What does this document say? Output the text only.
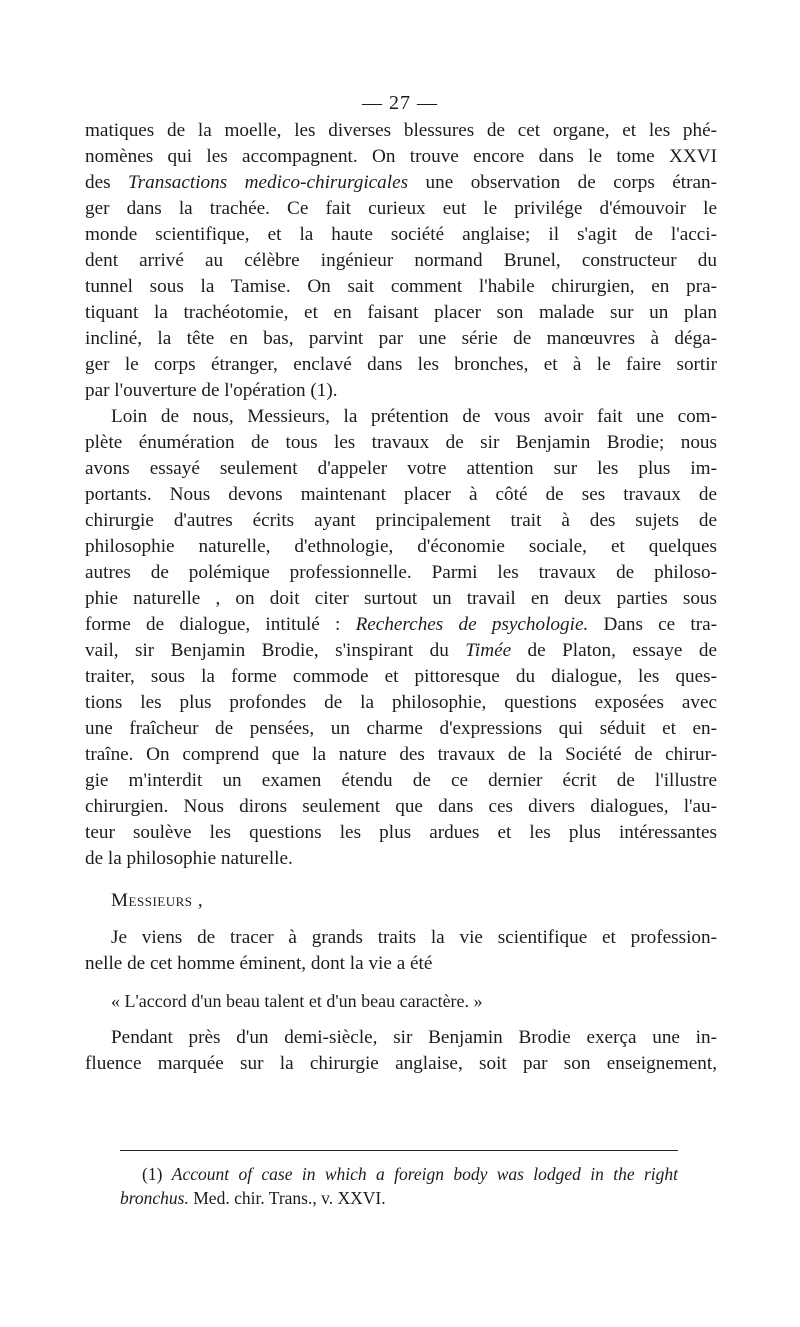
— 27 —
matiques de la moelle, les diverses blessures de cet organe, et les phé-
nomènes qui les accompagnent. On trouve encore dans le tome XXVI
des Transactions medico-chirurgicales une observation de corps étran-
ger dans la trachée. Ce fait curieux eut le privilége d'émouvoir le
monde scientifique, et la haute société anglaise; il s'agit de l'acci-
dent arrivé au célèbre ingénieur normand Brunel, constructeur du
tunnel sous la Tamise. On sait comment l'habile chirurgien, en pra-
tiquant la trachéotomie, et en faisant placer son malade sur un plan
incliné, la tête en bas, parvint par une série de manœuvres à déga-
ger le corps étranger, enclavé dans les bronches, et à le faire sortir
par l'ouverture de l'opération (1).
Loin de nous, Messieurs, la prétention de vous avoir fait une com-
plète énumération de tous les travaux de sir Benjamin Brodie; nous
avons essayé seulement d'appeler votre attention sur les plus im-
portants. Nous devons maintenant placer à côté de ses travaux de
chirurgie d'autres écrits ayant principalement trait à des sujets de
philosophie naturelle, d'ethnologie, d'économie sociale, et quelques
autres de polémique professionnelle. Parmi les travaux de philoso-
phie naturelle , on doit citer surtout un travail en deux parties sous
forme de dialogue, intitulé : Recherches de psychologie. Dans ce tra-
vail, sir Benjamin Brodie, s'inspirant du Timée de Platon, essaye de
traiter, sous la forme commode et pittoresque du dialogue, les ques-
tions les plus profondes de la philosophie, questions exposées avec
une fraîcheur de pensées, un charme d'expressions qui séduit et en-
traîne. On comprend que la nature des travaux de la Société de chirur-
gie m'interdit un examen étendu de ce dernier écrit de l'illustre
chirurgien. Nous dirons seulement que dans ces divers dialogues, l'au-
teur soulève les questions les plus ardues et les plus intéressantes
de la philosophie naturelle.
Messieurs ,
Je viens de tracer à grands traits la vie scientifique et profession-
nelle de cet homme éminent, dont la vie a été
« L'accord d'un beau talent et d'un beau caractère. »
Pendant près d'un demi-siècle, sir Benjamin Brodie exerça une in-
fluence marquée sur la chirurgie anglaise, soit par son enseignement,
(1) Account of case in which a foreign body was lodged in the right
bronchus. Med. chir. Trans., v. XXVI.
